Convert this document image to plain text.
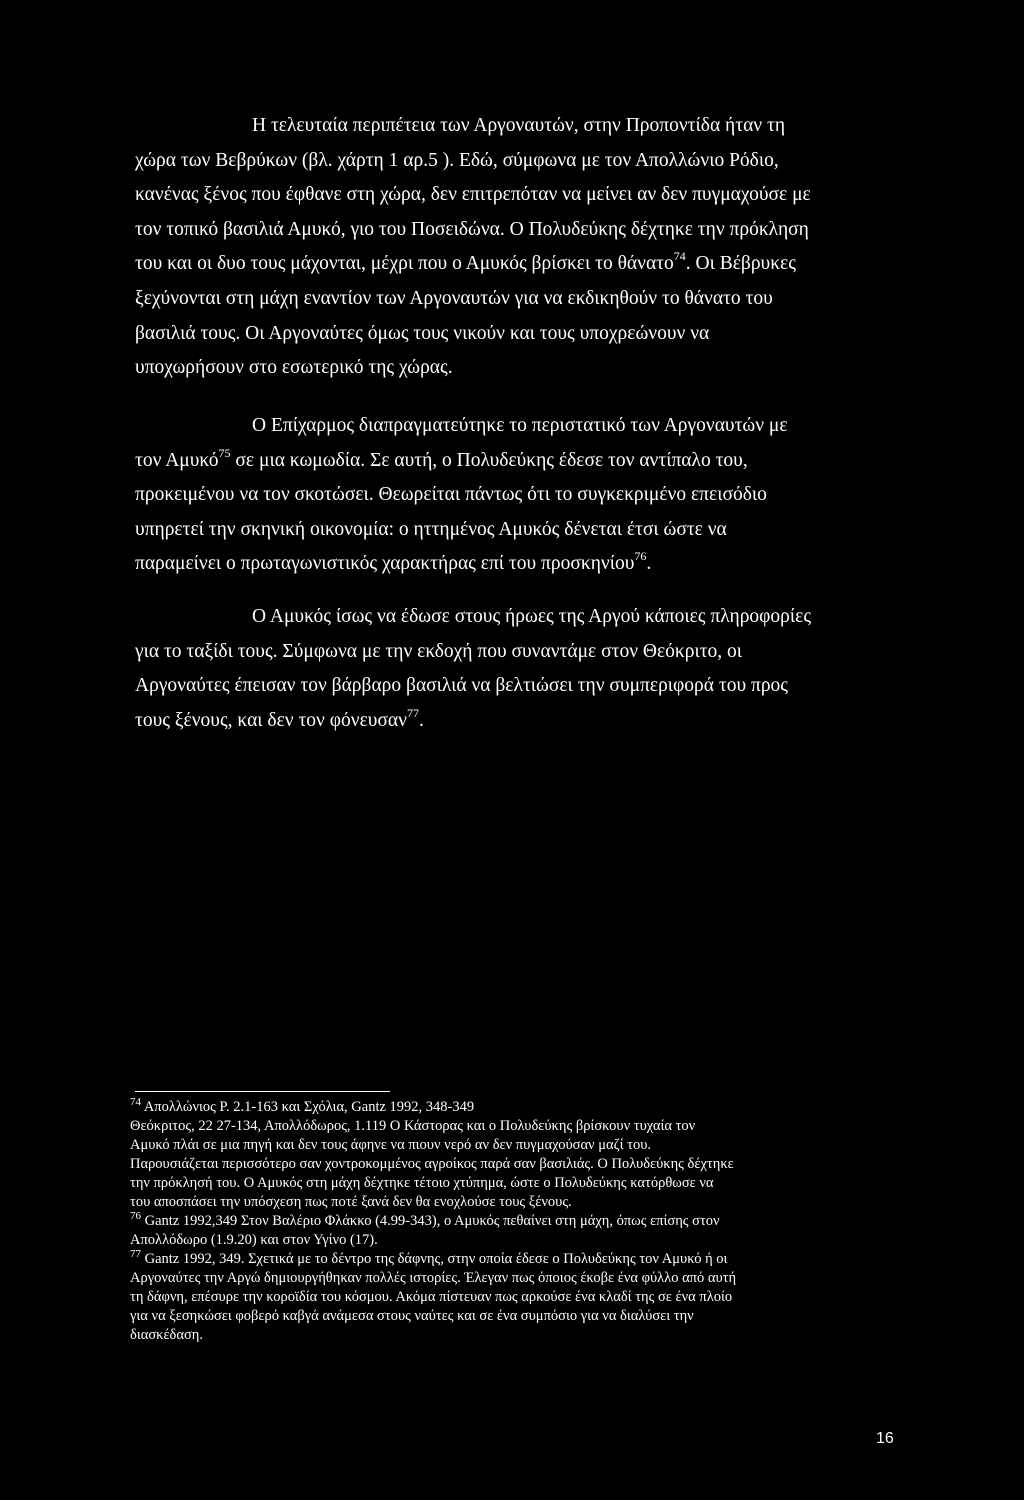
Η τελευταία περιπέτεια των Αργοναυτών, στην Προποντίδα ήταν τη
χώρα των Βεβρύκων (βλ. χάρτη 1 αρ.5 ). Εδώ, σύμφωνα με τον Απολλώνιο Ρόδιο,
κανένας ξένος που έφθανε στη χώρα, δεν επιτρεπόταν να μείνει αν δεν πυγμαχούσε με
τον τοπικό βασιλιά Αμυκό, γιο του Ποσειδώνα. Ο Πολυδεύκης δέχτηκε την πρόκληση
του και οι δυο τους μάχονται, μέχρι που ο Αμυκός βρίσκει το θάνατο$^{74}$. Οι Βέβρυκες
ξεχύνονται στη μάχη εναντίον των Αργοναυτών για να εκδικηθούν το θάνατο του
βασιλιά τους. Οι Αργοναύτες όμως τους νικούν και τους υποχρεώνουν να
υποχωρήσουν στο εσωτερικό της χώρας.
Ο Επίχαρμος διαπραγματεύτηκε το περιστατικό των Αργοναυτών με
τον Αμυκό$^{75}$ σε μια κωμωδία. Σε αυτή, ο Πολυδεύκης έδεσε τον αντίπαλο του,
προκειμένου να τον σκοτώσει. Θεωρείται πάντως ότι το συγκεκριμένο επεισόδιο
υπηρετεί την σκηνική οικονομία: ο ηττημένος Αμυκός δένεται έτσι ώστε να
παραμείνει ο πρωταγωνιστικός χαρακτήρας επί του προσκηνίου$^{76}$.
Ο Αμυκός ίσως να έδωσε στους ήρωες της Αργού κάποιες πληροφορίες
για το ταξίδι τους. Σύμφωνα με την εκδοχή που συναντάμε στον Θεόκριτο, οι
Αργοναύτες έπεισαν τον βάρβαρο βασιλιά να βελτιώσει την συμπεριφορά του προς
τους ξένους, και δεν τον φόνευσαν$^{77}$.
$^{74}$ Απολλώνιος Ρ. 2.1-163 και Σχόλια, Gantz 1992, 348-349
Θεόκριτος, 22 27-134, Απολλόδωρος, 1.119 Ο Κάστορας και ο Πολυδεύκης βρίσκουν τυχαία τον
Αμυκό πλάι σε μια πηγή και δεν τους άφηνε να πιουν νερό αν δεν πυγμαχούσαν μαζί του.
Παρουσιάζεται περισσότερο σαν χοντροκομμένος αγροίκος παρά σαν βασιλιάς. Ο Πολυδεύκης δέχτηκε
την πρόκλησή του. Ο Αμυκός στη μάχη δέχτηκε τέτοιο χτύπημα, ώστε ο Πολυδεύκης κατόρθωσε να
του αποσπάσει την υπόσχεση πως ποτέ ξανά δεν θα ενοχλούσε τους ξένους.
$^{76}$ Gantz 1992,349 Στον Βαλέριο Φλάκκο (4.99-343), ο Αμυκός πεθαίνει στη μάχη, όπως επίσης στον
Απολλόδωρο (1.9.20) και στον Υγίνο (17).
$^{77}$ Gantz 1992, 349. Σχετικά με το δέντρο της δάφνης, στην οποία έδεσε ο Πολυδεύκης τον Αμυκό ή οι
Αργοναύτες την Αργώ δημιουργήθηκαν πολλές ιστορίες. Έλεγαν πως όποιος έκοβε ένα φύλλο από αυτή
τη δάφνη, επέσυρε την κοροϊδία του κόσμου. Ακόμα πίστευαν πως αρκούσε ένα κλαδί της σε ένα πλοίο
για να ξεσηκώσει φοβερό καβγά ανάμεσα στους ναύτες και σε ένα συμπόσιο για να διαλύσει την
διασκέδαση.
16
